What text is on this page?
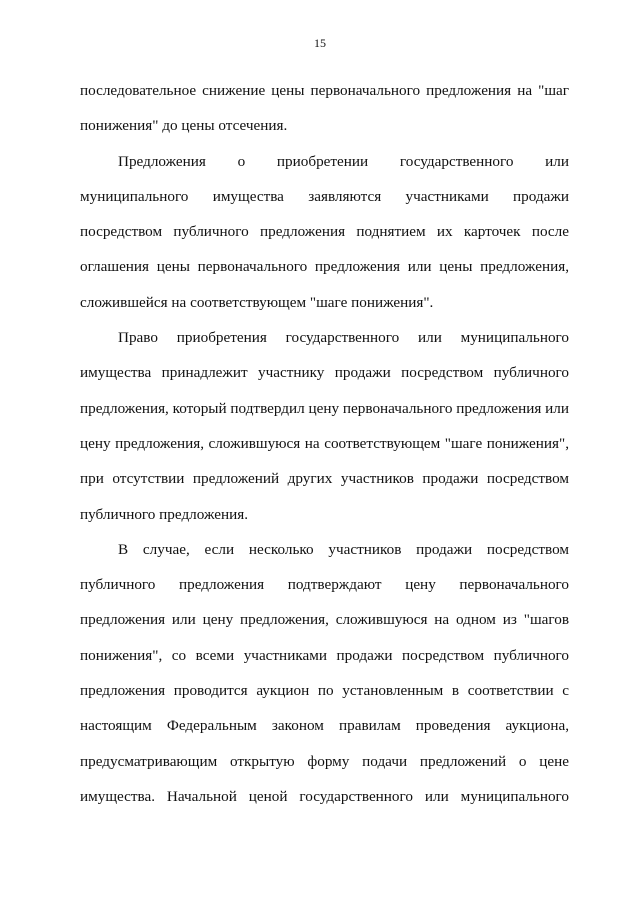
15

последовательное снижение цены первоначального предложения на "шаг понижения" до цены отсечения.

Предложения о приобретении государственного или муниципального имущества заявляются участниками продажи посредством публичного предложения поднятием их карточек после оглашения цены первоначального предложения или цены предложения, сложившейся на соответствующем "шаге понижения".

Право приобретения государственного или муниципального имущества принадлежит участнику продажи посредством публичного предложения, который подтвердил цену первоначального предложения или цену предложения, сложившуюся на соответствующем "шаге понижения", при отсутствии предложений других участников продажи посредством публичного предложения.

В случае, если несколько участников продажи посредством публичного предложения подтверждают цену первоначального предложения или цену предложения, сложившуюся на одном из "шагов понижения", со всеми участниками продажи посредством публичного предложения проводится аукцион по установленным в соответствии с настоящим Федеральным законом правилам проведения аукциона, предусматривающим открытую форму подачи предложений о цене имущества. Начальной ценой государственного или муниципального
